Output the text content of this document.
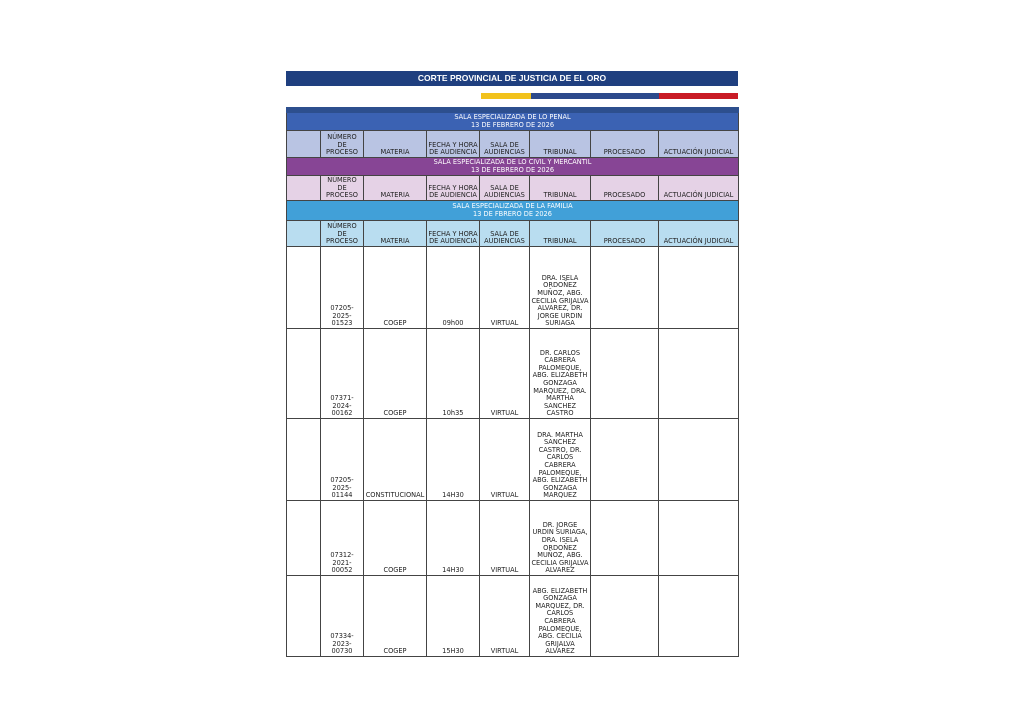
CORTE PROVINCIAL DE JUSTICIA DE EL ORO

SALA ESPECIALIZADA DE LO PENAL
13 DE FEBRERO DE 2026							

	NÚMERO DE PROCESO	MATERIA	FECHA Y HORA DE AUDIENCIA	SALA DE AUDIENCIAS	TRIBUNAL	PROCESADO	ACTUACIÓN JUDICIAL

SALA ESPECIALIZADA DE LO CIVIL Y MERCANTIL
13 DE FEBRERO DE 2026							

	NÚMERO DE PROCESO	MATERIA	FECHA Y HORA DE AUDIENCIA	SALA DE AUDIENCIAS	TRIBUNAL	PROCESADO	ACTUACIÓN JUDICIAL

SALA ESPECIALIZADA DE LA FAMILIA
13 DE FBRERO DE 2026							

	NÚMERO DE PROCESO	MATERIA	FECHA Y HORA DE AUDIENCIA	SALA DE AUDIENCIAS	TRIBUNAL	PROCESADO	ACTUACIÓN JUDICIAL
	07205-2025-01523	COGEP	09h00	VIRTUAL	DRA. ISELA ORDOÑEZ MUÑOZ, ABG. CECILIA GRIJALVA ALVAREZ, DR. JORGE URDIN SURIAGA		
	07371-2024-00162	COGEP	10h35	VIRTUAL	DR. CARLOS CABRERA PALOMEQUE, ABG. ELIZABETH GONZAGA MARQUEZ, DRA. MARTHA SANCHEZ CASTRO		
	07205-2025-01144	CONSTITUCIONAL	14H30	VIRTUAL	DRA. MARTHA SANCHEZ CASTRO, DR. CARLOS CABRERA PALOMEQUE, ABG. ELIZABETH GONZAGA MARQUEZ		
	07312-2021-00052	COGEP	14H30	VIRTUAL	DR. JORGE URDIN SURIAGA, DRA. ISELA ORDOÑEZ MUÑOZ, ABG. CECILIA GRIJALVA ALVAREZ		
	07334-2023-00730	COGEP	15H30	VIRTUAL	ABG. ELIZABETH GONZAGA MARQUEZ, DR. CARLOS CABRERA PALOMEQUE, ABG. CECILIA GRIJALVA ALVAREZ		
